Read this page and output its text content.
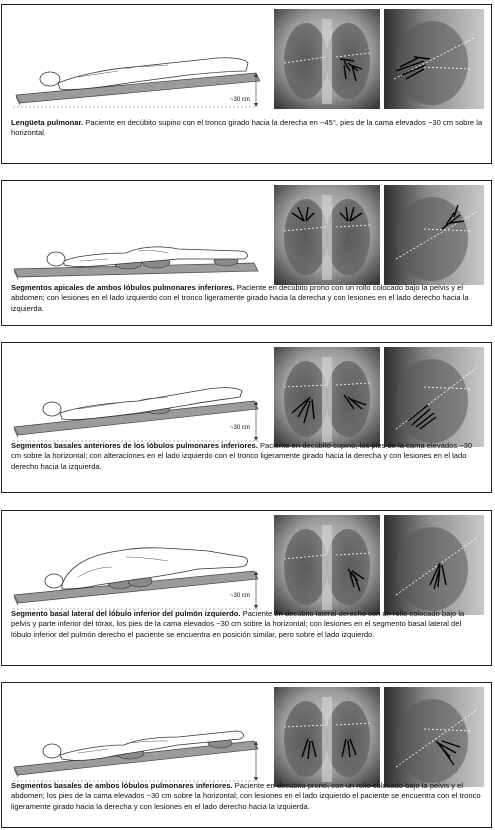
~30 cm
Lengüeta pulmonar. Paciente en decúbito supino con el tronco girado hacia la derecha en ~45°, pies de la cama elevados ~30 cm sobre la horizontal.
Segmentos apicales de ambos lóbulos pulmonares inferiores. Paciente en decúbito prono con un rollo colocado bajo la pelvis y el abdomen; con lesiones en el lado izquierdo con el tronco ligeramente girado hacia la derecha y con lesiones en el lado derecho hacia la izquierda.
~30 cm
Segmentos basales anteriores de los lóbulos pulmonares inferiores. Paciente en decúbito supino, los pies de la cama elevados ~30 cm sobre la horizontal; con alteraciones en el lado izquierdo con el tronco ligeramente girado hacia la derecha y con lesiones en el lado derecho hacia la izquierda.
~30 cm
Segmento basal lateral del lóbulo inferior del pulmón izquierdo. Paciente en decúbito lateral derecho con un rollo colocado bajo la pelvis y parte inferior del tórax, los pies de la cama elevados ~30 cm sobre la horizontal; con lesiones en el segmento basal lateral del lóbulo inferior del pulmón derecho el paciente se encuentra en posición similar, pero sobre el lado izquierdo.
Segmentos basales de ambos lóbulos pulmonares inferiores. Paciente en decúbito prono, con un rollo colocado bajo la pelvis y el abdomen; los pies de la cama elevados ~30 cm sobre la horizontal; con lesiones en el lado izquierdo el paciente se encuentra con el tronco ligeramente girado hacia la derecha y con lesiones en el lado derecho hacia la izquierda.
